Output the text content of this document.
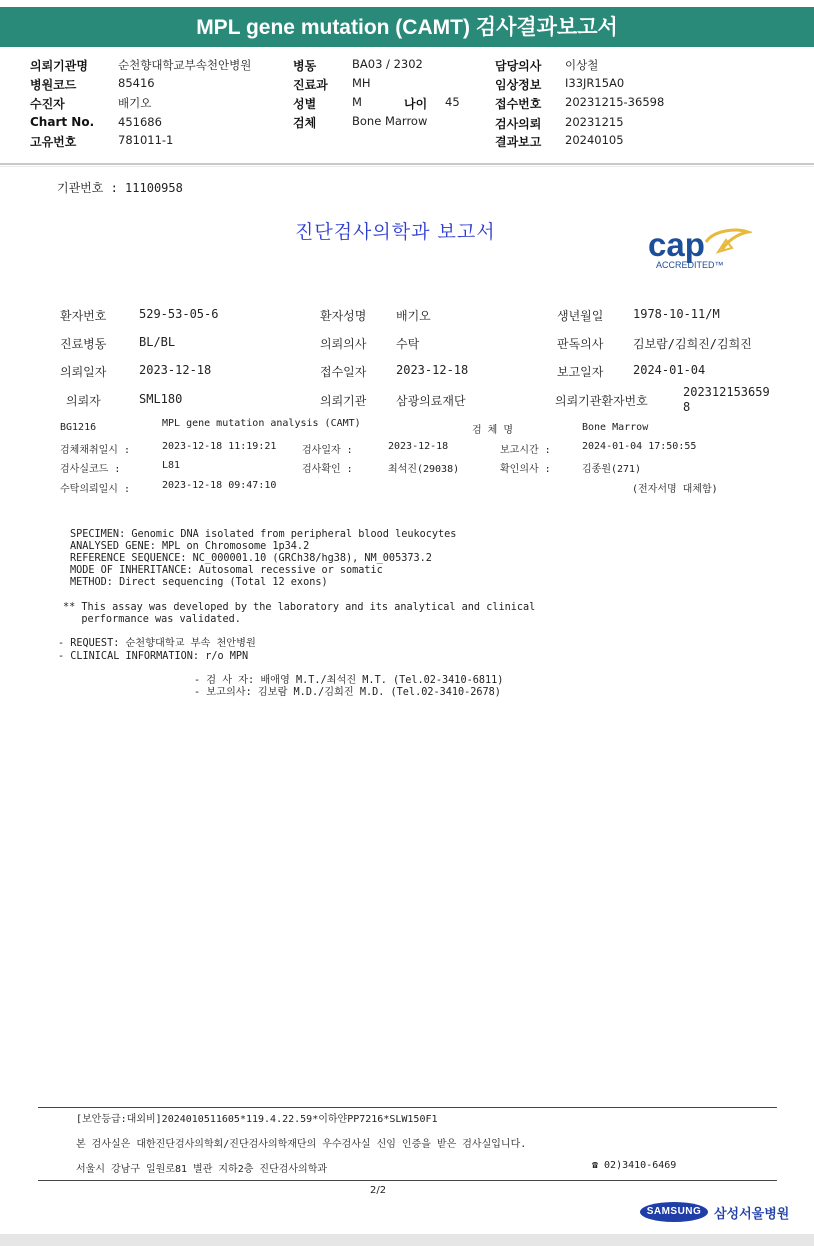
MPL gene mutation (CAMT) 검사결과보고서
의뢰기관명	순천향대학교부속천안병원	병동	BA03 / 2302	담당의사 이상철
병원코드	85416	진료과 MH	임상정보 I33JR15A0
수진자	배기오	성별	M	나이 45	접수번호 20231215-36598
Chart No. 451686	검체	Bone Marrow	검사의뢰 20231215
고유번호	781011-1	결과보고 20240105
기관번호 : 11100958
진단검사의학과 보고서	cap
ACCREDITED™
환자번호	529-53-05-6	환자성명 배기오	생년월일 1978-10-11/M
진료병동	BL/BL	의뢰의사 수탁	판독의사 김보람/김희진/김희진
의뢰일자	2023-12-18	접수일자 2023-12-18	보고일자 2024-01-04
의뢰자	SML180	의뢰기관 삼광의료재단	의뢰기관환자번호
202312153659
8
BG1216	MPL gene mutation analysis (CAMT)
검 체 명	Bone Marrow
검체채취일시 :	2023-12-18 11:19:21	검사일자 :	2023-12-18	보고시간 :	2024-01-04 17:50:55
검사실코드 :	L81	검사확인 :	최석진(29038)	확인의사 :	김종원(271)
수탁의뢰일시 :	2023-12-18 09:47:10	(전자서명 대체함)
SPECIMEN: Genomic DNA isolated from peripheral blood leukocytes
ANALYSED GENE: MPL on Chromosome 1p34.2
REFERENCE SEQUENCE: NC_000001.10 (GRCh38/hg38), NM_005373.2
MODE OF INHERITANCE: Autosomal recessive or somatic
METHOD: Direct sequencing (Total 12 exons)
** This assay was developed by the laboratory and its analytical and clinical
performance was validated.
- REQUEST: 순천향대학교 부속 천안병원
- CLINICAL INFORMATION: r/o MPN
- 검 사 자: 배애영 M.T./최석진 M.T. (Tel.02-3410-6811)
- 보고의사: 김보람 M.D./김희진 M.D. (Tel.02-3410-2678)
[보안등급:대외비]2024010511605*119.4.22.59*이하얀PP7216*SLW150F1
본 검사실은 대한진단검사의학회/진단검사의학재단의 우수검사실 신임 인증을 받은 검사실입니다.
서울시 강남구 일원로81 별관 지하2층 진단검사의학과	☎ 02)3410-6469
2/2
SAMSUNG 삼성서울병원
